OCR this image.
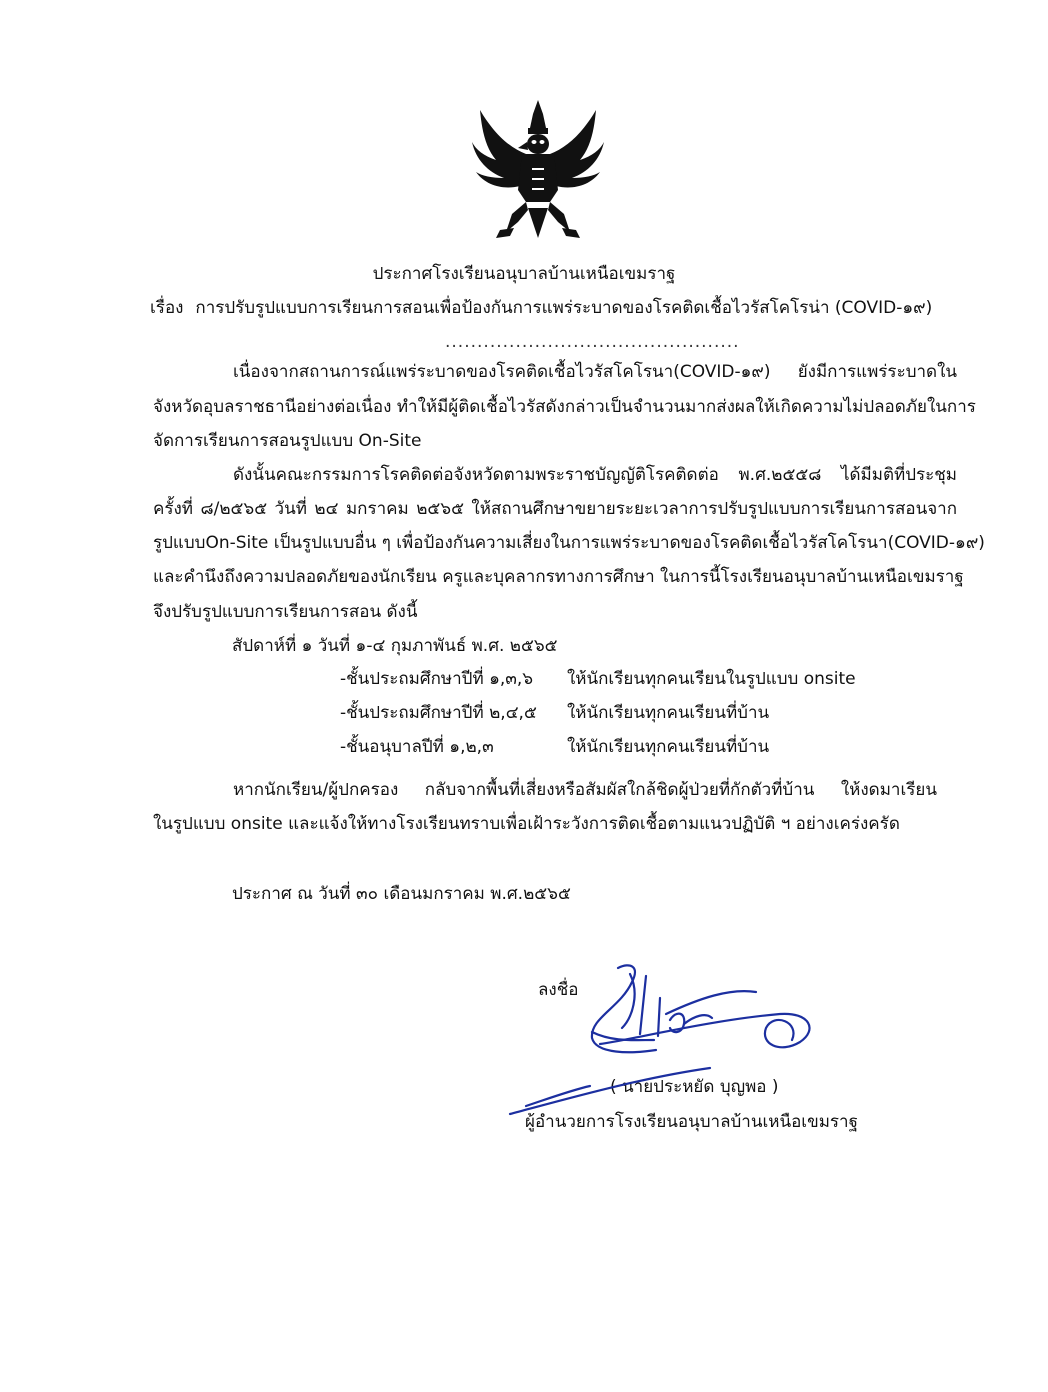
ประกาศโรงเรียนอนุบาลบ้านเหนือเขมราฐ
เรื่อง การปรับรูปแบบการเรียนการสอนเพื่อป้องกันการแพร่ระบาดของโรคติดเชื้อไวรัสโคโรน่า (COVID-๑๙)
..............................................
เนื่องจากสถานการณ์แพร่ระบาดของโรคติดเชื้อไวรัสโคโรนา(COVID-๑๙) ยังมีการแพร่ระบาดใน
จังหวัดอุบลราชธานีอย่างต่อเนื่อง ทำให้มีผู้ติดเชื้อไวรัสดังกล่าวเป็นจำนวนมากส่งผลให้เกิดความไม่ปลอดภัยในการ
จัดการเรียนการสอนรูปแบบ On-Site
ดังนั้นคณะกรรมการโรคติดต่อจังหวัดตามพระราชบัญญัติโรคติดต่อ พ.ศ.๒๕๕๘ ได้มีมติที่ประชุม
ครั้งที่ ๘/๒๕๖๕ วันที่ ๒๔ มกราคม ๒๕๖๕ ให้สถานศึกษาขยายระยะเวลาการปรับรูปแบบการเรียนการสอนจาก
รูปแบบOn-Site เป็นรูปแบบอื่น ๆ เพื่อป้องกันความเสี่ยงในการแพร่ระบาดของโรคติดเชื้อไวรัสโคโรนา(COVID-๑๙)
และคำนึงถึงความปลอดภัยของนักเรียน ครูและบุคลากรทางการศึกษา ในการนี้โรงเรียนอนุบาลบ้านเหนือเขมราฐ
จึงปรับรูปแบบการเรียนการสอน ดังนี้
สัปดาห์ที่ ๑ วันที่ ๑-๔ กุมภาพันธ์ พ.ศ. ๒๕๖๕
-ชั้นประถมศึกษาปีที่ ๑,๓,๖ ให้นักเรียนทุกคนเรียนในรูปแบบ onsite
-ชั้นประถมศึกษาปีที่ ๒,๔,๕ ให้นักเรียนทุกคนเรียนที่บ้าน
-ชั้นอนุบาลปีที่ ๑,๒,๓	ให้นักเรียนทุกคนเรียนที่บ้าน
หากนักเรียน/ผู้ปกครอง กลับจากพื้นที่เสี่ยงหรือสัมผัสใกล้ชิดผู้ป่วยที่กักตัวที่บ้าน ให้งดมาเรียน
ในรูปแบบ onsite และแจ้งให้ทางโรงเรียนทราบเพื่อเฝ้าระวังการติดเชื้อตามแนวปฏิบัติ ฯ อย่างเคร่งครัด
ประกาศ ณ วันที่ ๓๐ เดือนมกราคม พ.ศ.๒๕๖๕
ลงชื่อ
( นายประหยัด บุญพอ )
ผู้อำนวยการโรงเรียนอนุบาลบ้านเหนือเขมราฐ
